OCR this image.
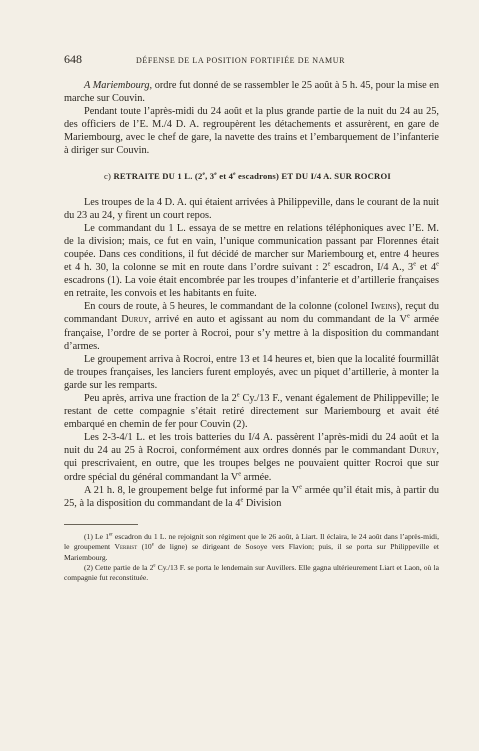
648	DÉFENSE DE LA POSITION FORTIFIÉE DE NAMUR

A Mariembourg, ordre fut donné de se rassembler le 25 août à 5 h. 45, pour la mise en marche sur Couvin.

Pendant toute l’après-midi du 24 août et la plus grande partie de la nuit du 24 au 25, des officiers de l’E. M./4 D. A. regroupèrent les détachements et assurèrent, en gare de Mariembourg, avec le chef de gare, la navette des trains et l’embarquement de l’infanterie à diriger sur Couvin.

c) RETRAITE DU 1 L. (2e, 3e et 4e escadrons) ET DU I/4 A. SUR ROCROI

Les troupes de la 4 D. A. qui étaient arrivées à Philippeville, dans le courant de la nuit du 23 au 24, y firent un court repos.

Le commandant du 1 L. essaya de se mettre en relations téléphoniques avec l’E. M. de la division; mais, ce fut en vain, l’unique communication passant par Florennes était coupée. Dans ces conditions, il fut décidé de marcher sur Mariembourg et, entre 4 heures et 4 h. 30, la colonne se mit en route dans l’ordre suivant : 2e escadron, I/4 A., 3e et 4e escadrons (1). La voie était encombrée par les troupes d’infanterie et d’artillerie françaises en retraite, les convois et les habitants en fuite.

En cours de route, à 5 heures, le commandant de la colonne (colonel Iweins), reçut du commandant Duruy, arrivé en auto et agissant au nom du commandant de la Ve armée française, l’ordre de se porter à Rocroi, pour s’y mettre à la disposition du commandant d’armes.

Le groupement arriva à Rocroi, entre 13 et 14 heures et, bien que la localité fourmillât de troupes françaises, les lanciers furent employés, avec un piquet d’artillerie, à monter la garde sur les remparts.

Peu après, arriva une fraction de la 2e Cy./13 F., venant également de Philippeville; le restant de cette compagnie s’était retiré directement sur Mariembourg et avait été embarqué en chemin de fer pour Couvin (2).

Les 2-3-4/1 L. et les trois batteries du I/4 A. passèrent l’après-midi du 24 août et la nuit du 24 au 25 à Rocroi, conformément aux ordres donnés par le commandant Duruy, qui prescrivaient, en outre, que les troupes belges ne pouvaient quitter Rocroi que sur ordre spécial du général commandant la Ve armée.

A 21 h. 8, le groupement belge fut informé par la Ve armée qu’il était mis, à partir du 25, à la disposition du commandant de la 4e Division

(1) Le 1er escadron du 1 L. ne rejoignit son régiment que le 26 août, à Liart. Il éclaira, le 24 août dans l’après-midi, le groupement Verbist (10e de ligne) se dirigeant de Sosoye vers Flavion; puis, il se porta sur Philippeville et Mariembourg.

(2) Cette partie de la 2e Cy./13 F. se porta le lendemain sur Auvillers. Elle gagna ultérieurement Liart et Laon, où la compagnie fut reconstituée.
